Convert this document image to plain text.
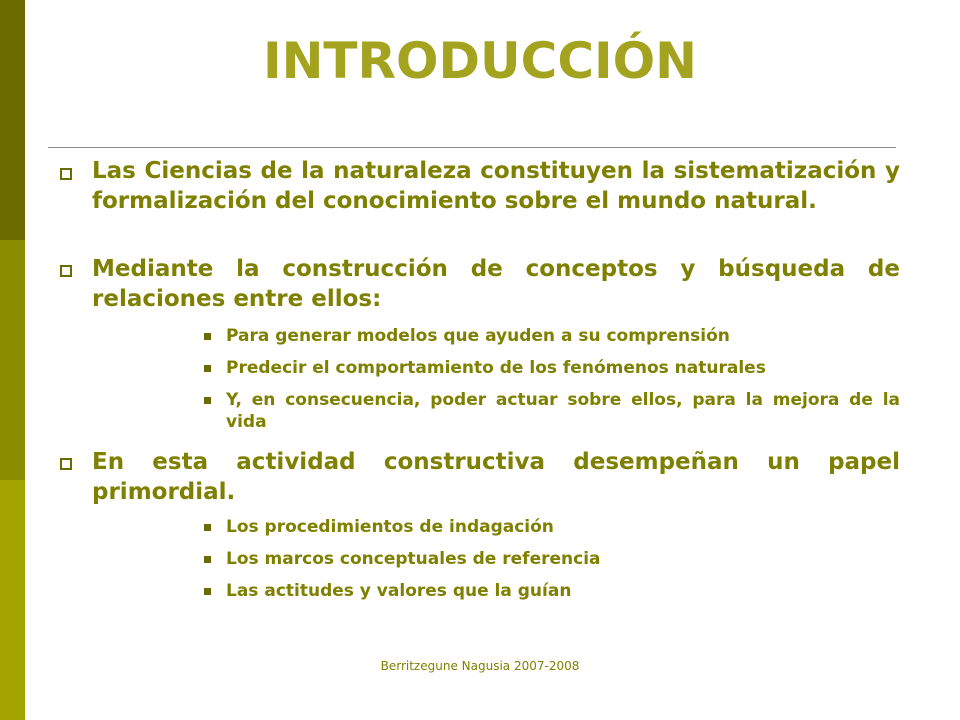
INTRODUCCIÓN
Las Ciencias de la naturaleza constituyen la sistematización y formalización del conocimiento sobre el mundo natural.
Mediante la construcción de conceptos y búsqueda de relaciones entre ellos:
Para generar modelos que ayuden a su comprensión
Predecir el comportamiento de los fenómenos naturales
Y, en consecuencia, poder actuar sobre ellos, para la mejora de la vida
En esta actividad constructiva desempeñan un papel primordial.
Los procedimientos de indagación
Los marcos conceptuales de referencia
Las actitudes y valores que la guían
Berritzegune Nagusia 2007-2008
